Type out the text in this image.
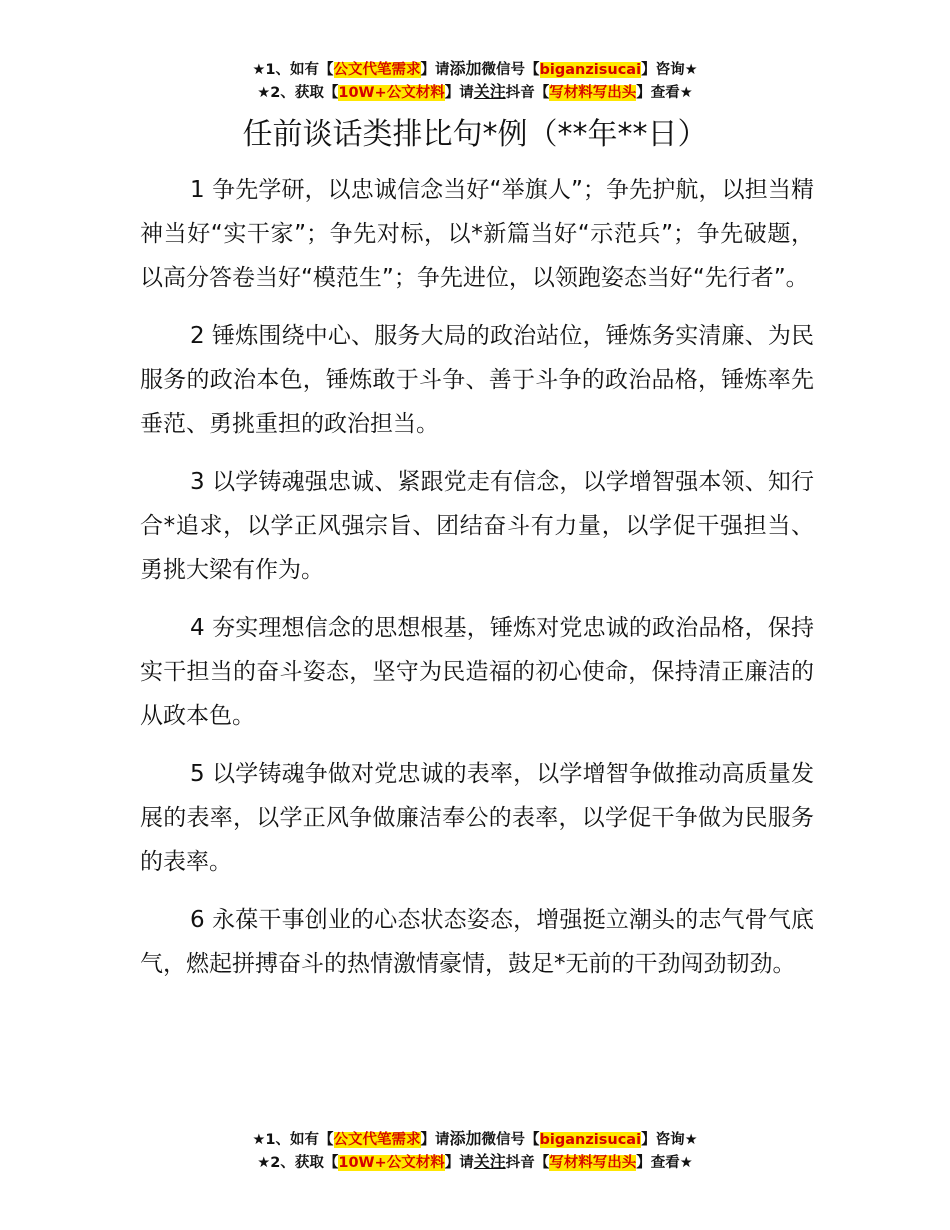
★1、如有【公文代笔需求】请添加微信号【biganzisucai】咨询★
★2、获取【10W+公文材料】请关注抖音【写材料写出头】查看★
任前谈话类排比句*例（**年**日）

1 争先学研，以忠诚信念当好“举旗人”；争先护航，以担当精神当好“实干家”；争先对标，以*新篇当好“示范兵”；争先破题，以高分答卷当好“模范生”；争先进位，以领跑姿态当好“先行者”。

2 锤炼围绕中心、服务大局的政治站位，锤炼务实清廉、为民服务的政治本色，锤炼敢于斗争、善于斗争的政治品格，锤炼率先垂范、勇挑重担的政治担当。

3 以学铸魂强忠诚、紧跟党走有信念，以学增智强本领、知行合*追求，以学正风强宗旨、团结奋斗有力量，以学促干强担当、勇挑大梁有作为。

4 夯实理想信念的思想根基，锤炼对党忠诚的政治品格，保持实干担当的奋斗姿态，坚守为民造福的初心使命，保持清正廉洁的从政本色。

5 以学铸魂争做对党忠诚的表率，以学增智争做推动高质量发展的表率，以学正风争做廉洁奉公的表率，以学促干争做为民服务的表率。

6 永葆干事创业的心态状态姿态，增强挺立潮头的志气骨气底气，燃起拼搏奋斗的热情激情豪情，鼓足*无前的干劲闯劲韧劲。

★1、如有【公文代笔需求】请添加微信号【biganzisucai】咨询★
★2、获取【10W+公文材料】请关注抖音【写材料写出头】查看★
